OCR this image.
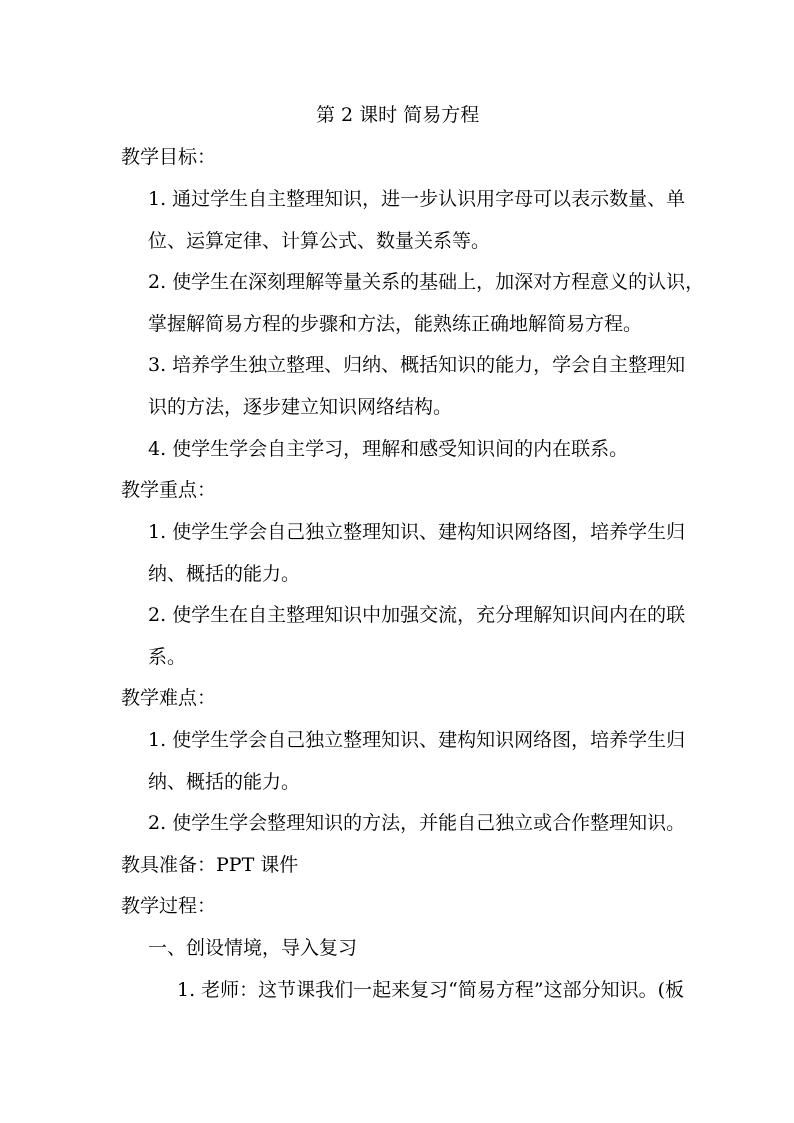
第 2 课时 简易方程
教学目标：
1. 通过学生自主整理知识，进一步认识用字母可以表示数量、单
位、运算定律、计算公式、数量关系等。
2. 使学生在深刻理解等量关系的基础上，加深对方程意义的认识，
掌握解简易方程的步骤和方法，能熟练正确地解简易方程。
3. 培养学生独立整理、归纳、概括知识的能力，学会自主整理知
识的方法，逐步建立知识网络结构。
4. 使学生学会自主学习，理解和感受知识间的内在联系。
教学重点：
1. 使学生学会自己独立整理知识、建构知识网络图，培养学生归
纳、概括的能力。
2. 使学生在自主整理知识中加强交流，充分理解知识间内在的联
系。
教学难点：
1. 使学生学会自己独立整理知识、建构知识网络图，培养学生归
纳、概括的能力。
2. 使学生学会整理知识的方法，并能自己独立或合作整理知识。
教具准备：PPT 课件
教学过程：
一、创设情境，导入复习
1. 老师：这节课我们一起来复习“简易方程”这部分知识。(板
